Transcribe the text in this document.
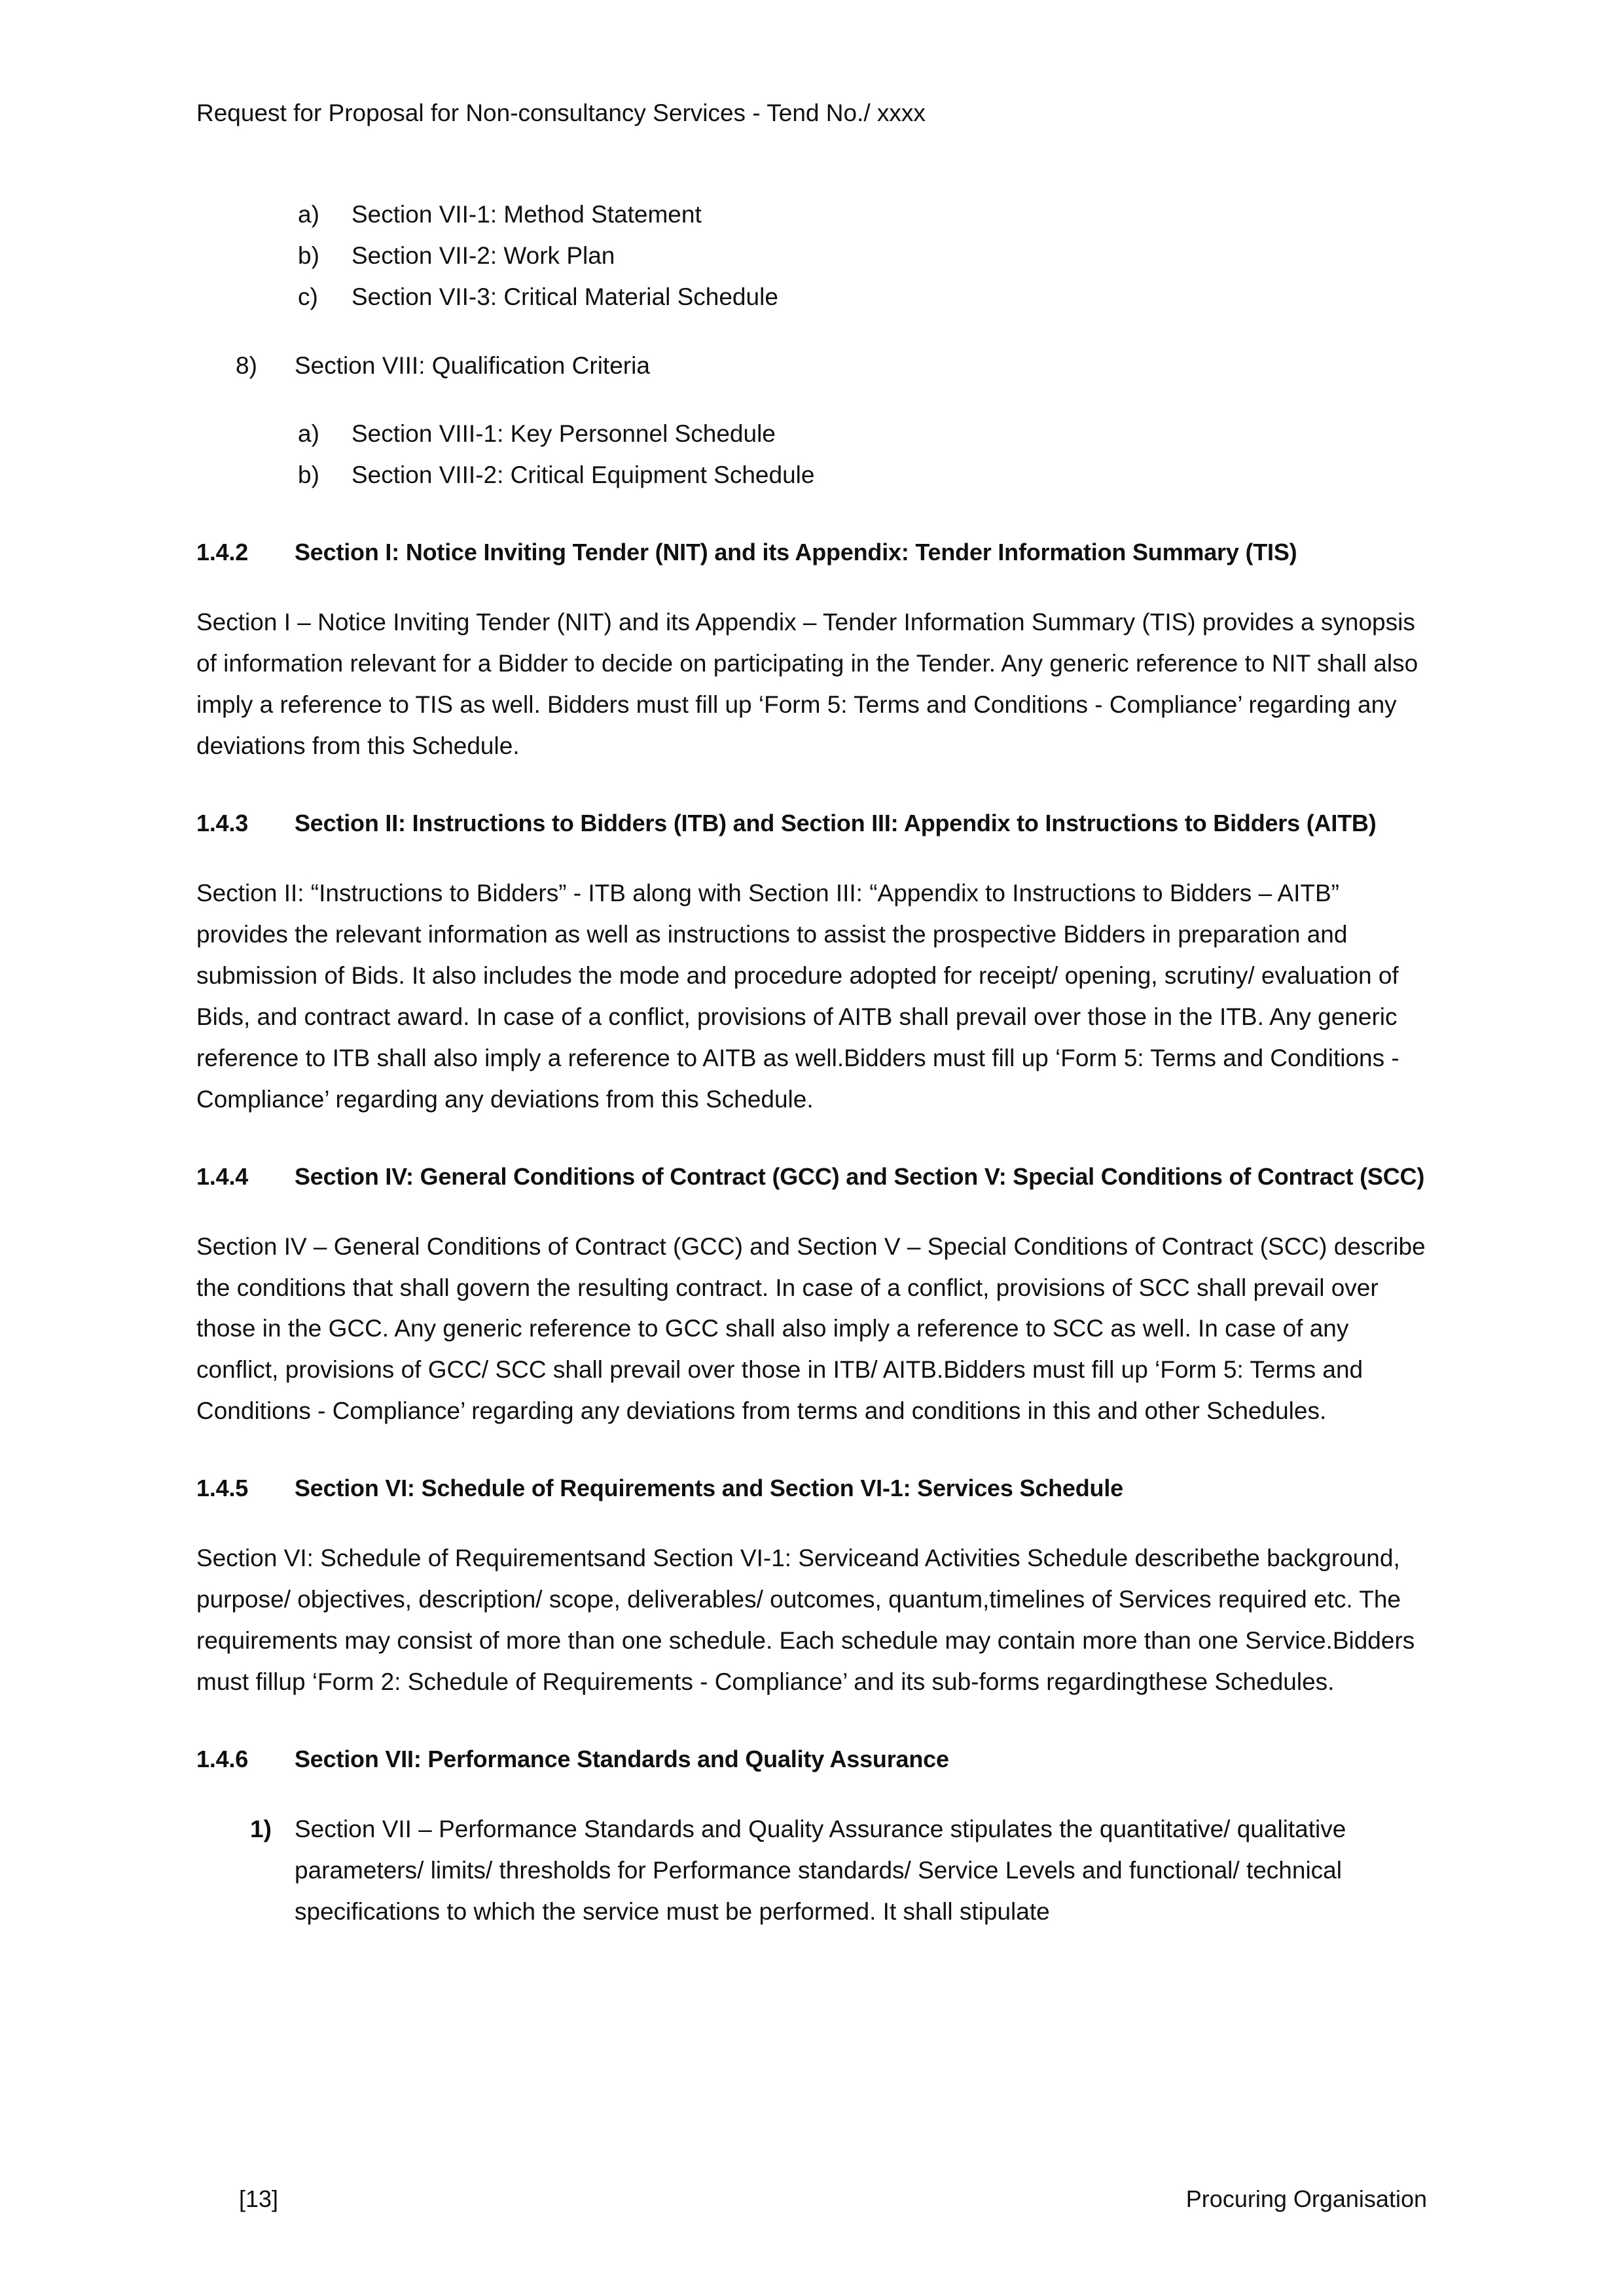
Request for Proposal for Non-consultancy Services - Tend No./ xxxx
a)	Section VII-1: Method Statement
b)	Section VII-2: Work Plan
c)	Section VII-3: Critical Material Schedule
8)	Section VIII: Qualification Criteria
a)	Section VIII-1: Key Personnel Schedule
b)	Section VIII-2: Critical Equipment Schedule
1.4.2	Section I: Notice Inviting Tender (NIT) and its Appendix: Tender Information Summary (TIS)

Section I – Notice Inviting Tender (NIT) and its Appendix – Tender Information Summary (TIS) provides a synopsis of information relevant for a Bidder to decide on participating in the Tender. Any generic reference to NIT shall also imply a reference to TIS as well. Bidders must fill up ‘Form 5: Terms and Conditions - Compliance’ regarding any deviations from this Schedule.

1.4.3	Section II: Instructions to Bidders (ITB) and Section III: Appendix to Instructions to Bidders (AITB)

Section II: “Instructions to Bidders” - ITB along with Section III: “Appendix to Instructions to Bidders – AITB” provides the relevant information as well as instructions to assist the prospective Bidders in preparation and submission of Bids. It also includes the mode and procedure adopted for receipt/ opening, scrutiny/ evaluation of Bids, and contract award. In case of a conflict, provisions of AITB shall prevail over those in the ITB. Any generic reference to ITB shall also imply a reference to AITB as well.Bidders must fill up ‘Form 5: Terms and Conditions - Compliance’ regarding any deviations from this Schedule.

1.4.4	Section IV: General Conditions of Contract (GCC) and Section V: Special Conditions of Contract (SCC)

Section IV – General Conditions of Contract (GCC) and Section V – Special Conditions of Contract (SCC) describe the conditions that shall govern the resulting contract. In case of a conflict, provisions of SCC shall prevail over those in the GCC. Any generic reference to GCC shall also imply a reference to SCC as well. In case of any conflict, provisions of GCC/ SCC shall prevail over those in ITB/ AITB.Bidders must fill up ‘Form 5: Terms and Conditions - Compliance’ regarding any deviations from terms and conditions in this and other Schedules.

1.4.5	Section VI: Schedule of Requirements and Section VI-1: Services Schedule

Section VI: Schedule of Requirementsand Section VI-1: Serviceand Activities Schedule describethe background, purpose/ objectives, description/ scope, deliverables/ outcomes, quantum,timelines of Services required etc. The requirements may consist of more than one schedule. Each schedule may contain more than one Service.Bidders must fillup ‘Form 2: Schedule of Requirements - Compliance’ and its sub-forms regardingthese Schedules.

1.4.6	Section VII: Performance Standards and Quality Assurance
1) Section VII – Performance Standards and Quality Assurance stipulates the quantitative/ qualitative parameters/ limits/ thresholds for Performance standards/ Service Levels and functional/ technical specifications to which the service must be performed. It shall stipulate
[13]	Procuring Organisation
